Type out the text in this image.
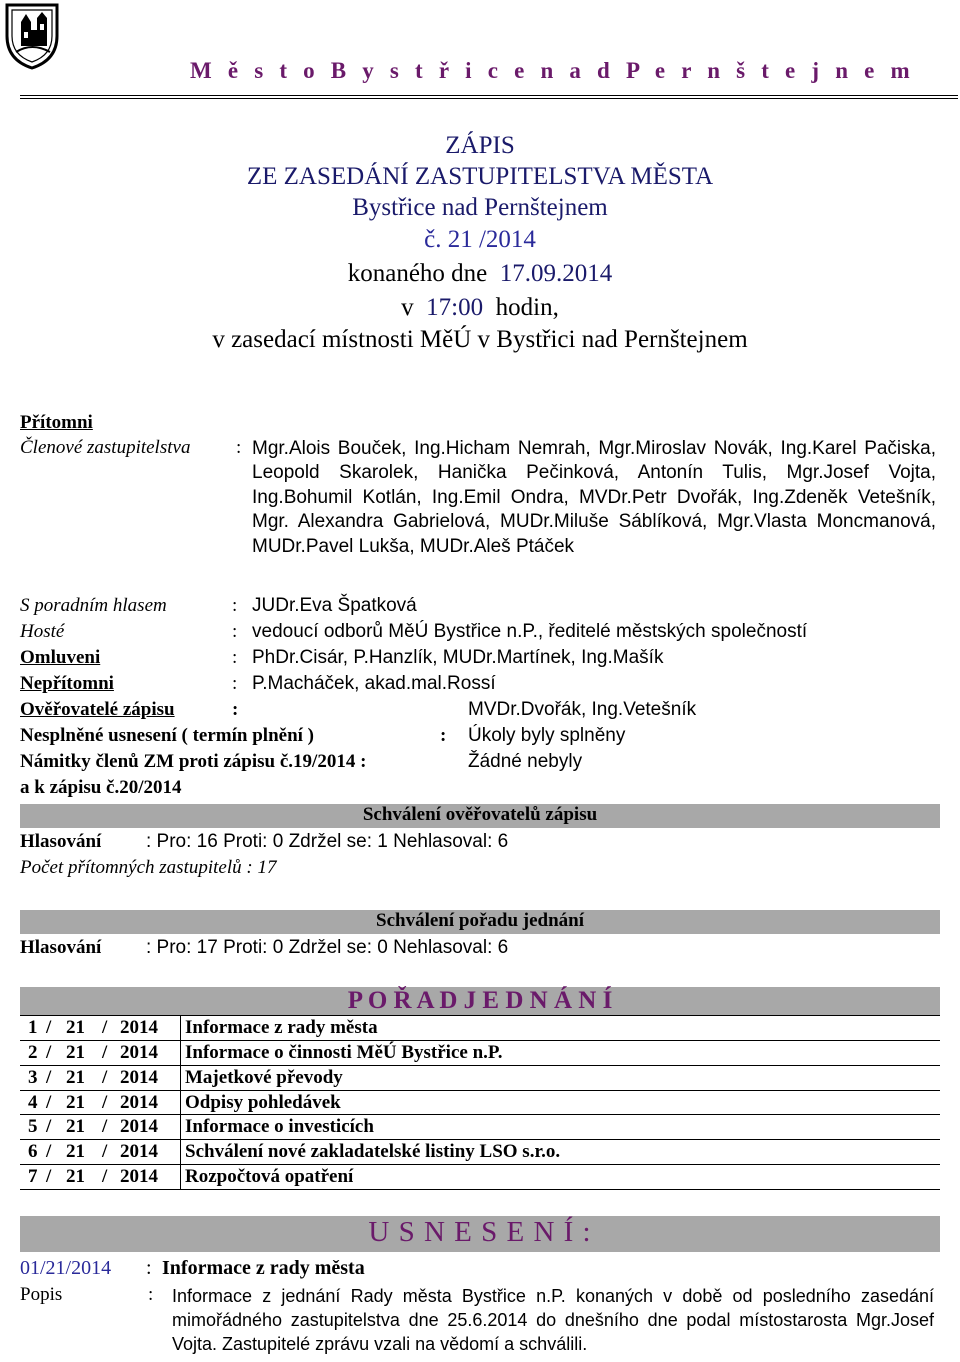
M ě s t o B y s t ř i c e n a d P e r n š t e j n e m
ZÁPIS
ZE ZASEDÁNÍ ZASTUPITELSTVA MĚSTA
Bystřice nad Pernštejnem
č. 21 /2014
konaného dne 17.09.2014
v 17:00 hodin,
v zasedací místnosti MěÚ v Bystřici nad Pernštejnem
Přítomni
Členové zastupitelstva : Mgr.Alois Bouček, Ing.Hicham Nemrah, Mgr.Miroslav Novák, Ing.Karel Pačiska, Leopold Skarolek, Hanička Pečinková, Antonín Tulis, Mgr.Josef Vojta, Ing.Bohumil Kotlán, Ing.Emil Ondra, MVDr.Petr Dvořák, Ing.Zdeněk Vetešník, Mgr. Alexandra Gabrielová, MUDr.Miluše Sáblíková, Mgr.Vlasta Moncmanová, MUDr.Pavel Lukša, MUDr.Aleš Ptáček
S poradním hlasem	: JUDr.Eva Špatková
Hosté	: vedoucí odborů MěÚ Bystřice n.P., ředitelé městských společností
Omluveni	: PhDr.Cisár, P.Hanzlík, MUDr.Martínek, Ing.Mašík
Nepřítomni	: P.Macháček, akad.mal.Rossí
Ověřovatelé zápisu	:	MVDr.Dvořák, Ing.Vetešník
Nesplněné usnesení ( termín plnění )	: Úkoly byly splněny
Námitky členů ZM proti zápisu č.19/2014 :	Žádné nebyly
a k zápisu č.20/2014
Schválení ověřovatelů zápisu
Hlasování : Pro: 16 Proti: 0 Zdržel se: 1 Nehlasoval: 6
Počet přítomných zastupitelů : 17
Schválení pořadu jednání
Hlasování : Pro: 17 Proti: 0 Zdržel se: 0 Nehlasoval: 6
P O Ř A D J E D N Á N Í
1 / 21 / 2014 Informace z rady města
2 / 21 / 2014 Informace o činnosti MěÚ Bystřice n.P.
3 / 21 / 2014 Majetkové převody
4 / 21 / 2014 Odpisy pohledávek
5 / 21 / 2014 Informace o investicích
6 / 21 / 2014 Schválení nové zakladatelské listiny LSO s.r.o.
7 / 21 / 2014 Rozpočtová opatření
U S N E S E N Í :
01/21/2014 : Informace z rady města
Popis	: Informace z jednání Rady města Bystřice n.P. konaných v době od posledního zasedání mimořádného zastupitelstva dne 25.6.2014 do dnešního dne podal místostarosta Mgr.Josef Vojta. Zastupitelé zprávu vzali na vědomí a schválili.
